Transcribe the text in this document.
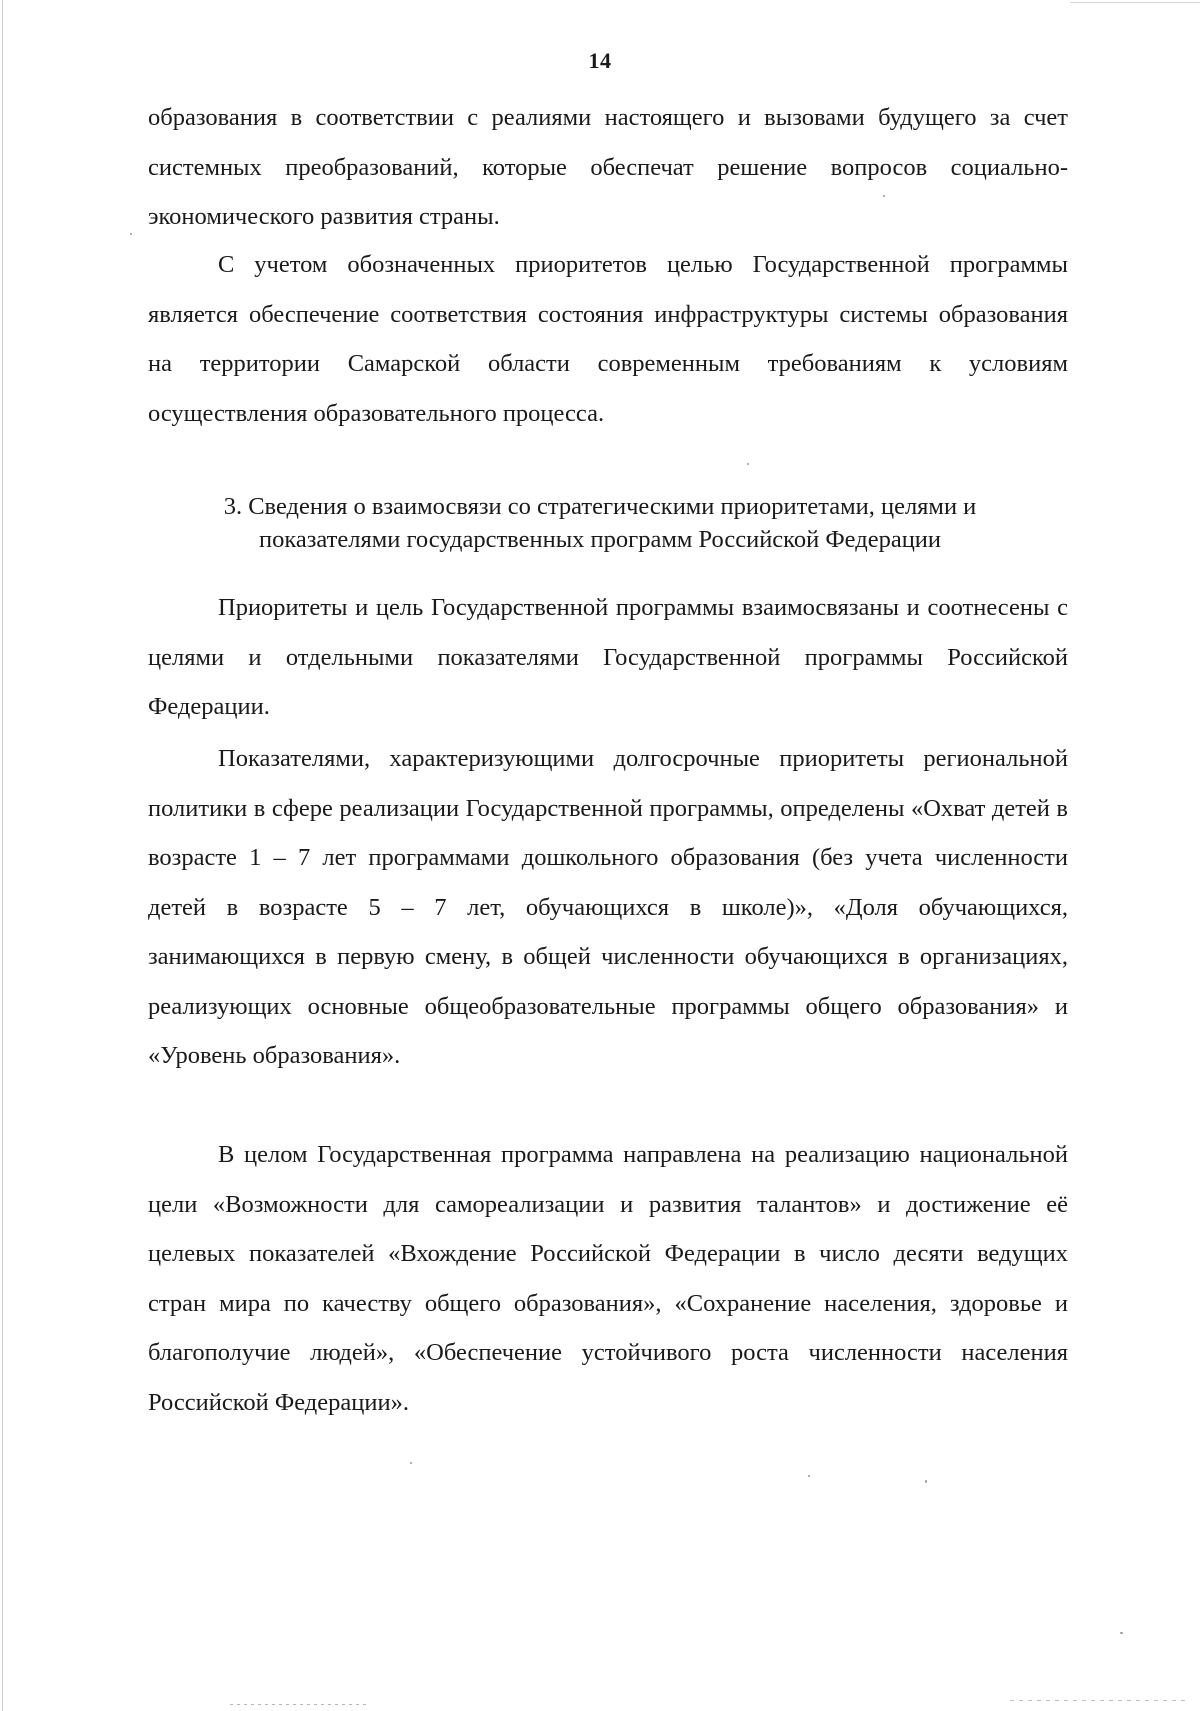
14

образования в соответствии с реалиями настоящего и вызовами будущего за счет системных преобразований, которые обеспечат решение вопросов социально-экономического развития страны.

С учетом обозначенных приоритетов целью Государственной программы является обеспечение соответствия состояния инфраструктуры системы образования на территории Самарской области современным требованиям к условиям осуществления образовательного процесса.

3. Сведения о взаимосвязи со стратегическими приоритетами, целями и показателями государственных программ Российской Федерации

Приоритеты и цель Государственной программы взаимосвязаны и соотнесены с целями и отдельными показателями Государственной программы Российской Федерации.

Показателями, характеризующими долгосрочные приоритеты региональной политики в сфере реализации Государственной программы, определены «Охват детей в возрасте 1 – 7 лет программами дошкольного образования (без учета численности детей в возрасте 5 – 7 лет, обучающихся в школе)», «Доля обучающихся, занимающихся в первую смену, в общей численности обучающихся в организациях, реализующих основные общеобразовательные программы общего образования» и «Уровень образования».

В целом Государственная программа направлена на реализацию национальной цели «Возможности для самореализации и развития талантов» и достижение её целевых показателей «Вхождение Российской Федерации в число десяти ведущих стран мира по качеству общего образования», «Сохранение населения, здоровье и благополучие людей», «Обеспечение устойчивого роста численности населения Российской Федерации».
